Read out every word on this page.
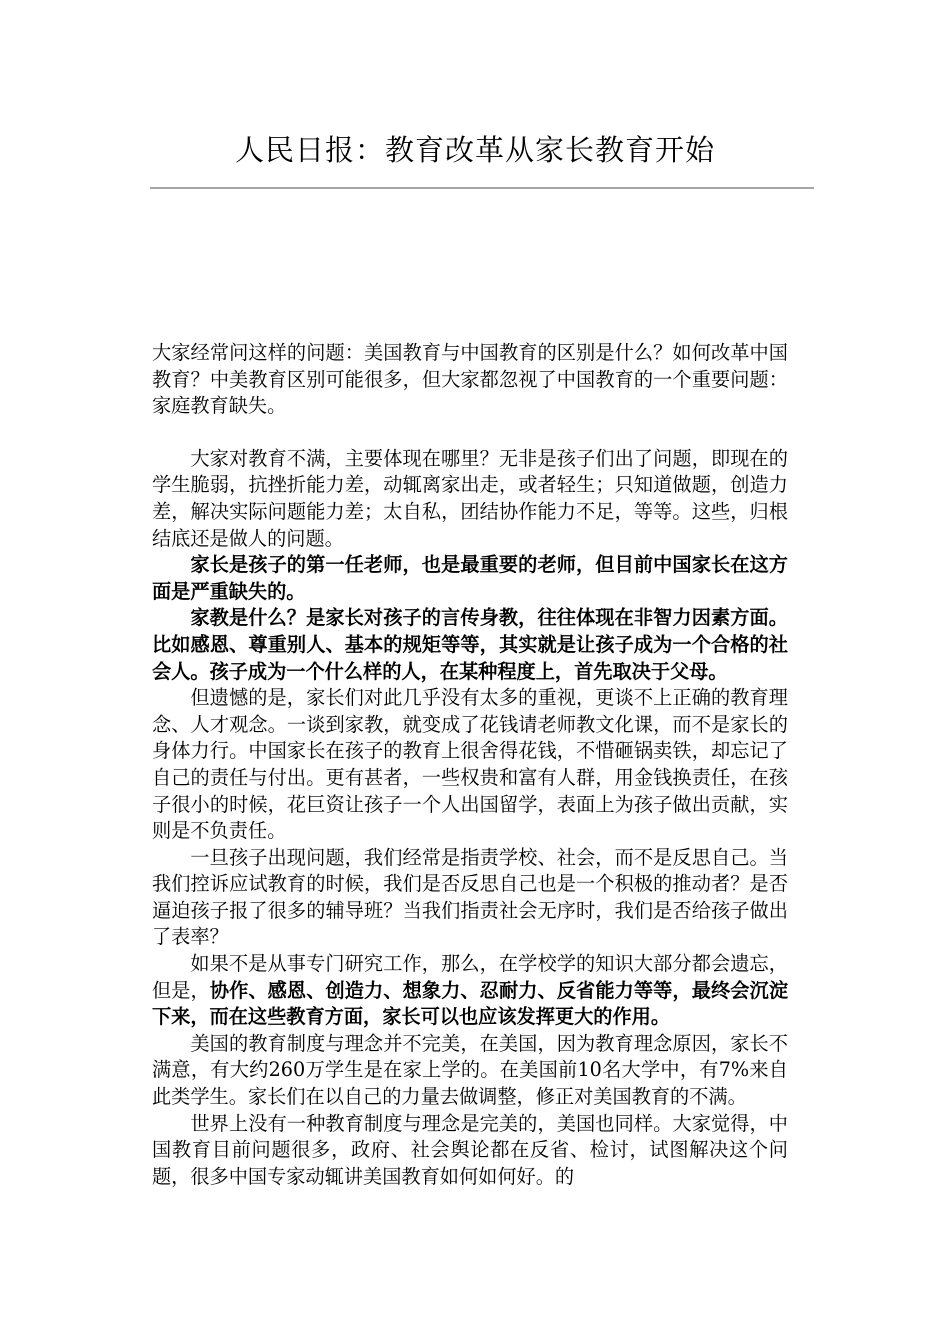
人民日报：教育改革从家长教育开始

大家经常问这样的问题：美国教育与中国教育的区别是什么？如何改革中国教育？中美教育区别可能很多，但大家都忽视了中国教育的一个重要问题：家庭教育缺失。

大家对教育不满，主要体现在哪里？无非是孩子们出了问题，即现在的学生脆弱，抗挫折能力差，动辄离家出走，或者轻生；只知道做题，创造力差，解决实际问题能力差；太自私，团结协作能力不足，等等。这些，归根结底还是做人的问题。

家长是孩子的第一任老师，也是最重要的老师，但目前中国家长在这方面是严重缺失的。

家教是什么？是家长对孩子的言传身教，往往体现在非智力因素方面。比如感恩、尊重别人、基本的规矩等等，其实就是让孩子成为一个合格的社会人。孩子成为一个什么样的人，在某种程度上，首先取决于父母。

但遗憾的是，家长们对此几乎没有太多的重视，更谈不上正确的教育理念、人才观念。一谈到家教，就变成了花钱请老师教文化课，而不是家长的身体力行。中国家长在孩子的教育上很舍得花钱，不惜砸锅卖铁，却忘记了自己的责任与付出。更有甚者，一些权贵和富有人群，用金钱换责任，在孩子很小的时候，花巨资让孩子一个人出国留学，表面上为孩子做出贡献，实则是不负责任。

一旦孩子出现问题，我们经常是指责学校、社会，而不是反思自己。当我们控诉应试教育的时候，我们是否反思自己也是一个积极的推动者？是否逼迫孩子报了很多的辅导班？当我们指责社会无序时，我们是否给孩子做出了表率？

如果不是从事专门研究工作，那么，在学校学的知识大部分都会遗忘，但是，协作、感恩、创造力、想象力、忍耐力、反省能力等等，最终会沉淀下来，而在这些教育方面，家长可以也应该发挥更大的作用。

美国的教育制度与理念并不完美，在美国，因为教育理念原因，家长不满意，有大约260万学生是在家上学的。在美国前10名大学中，有7%来自此类学生。家长们在以自己的力量去做调整，修正对美国教育的不满。

世界上没有一种教育制度与理念是完美的，美国也同样。大家觉得，中国教育目前问题很多，政府、社会舆论都在反省、检讨，试图解决这个问题，很多中国专家动辄讲美国教育如何如何好。的
